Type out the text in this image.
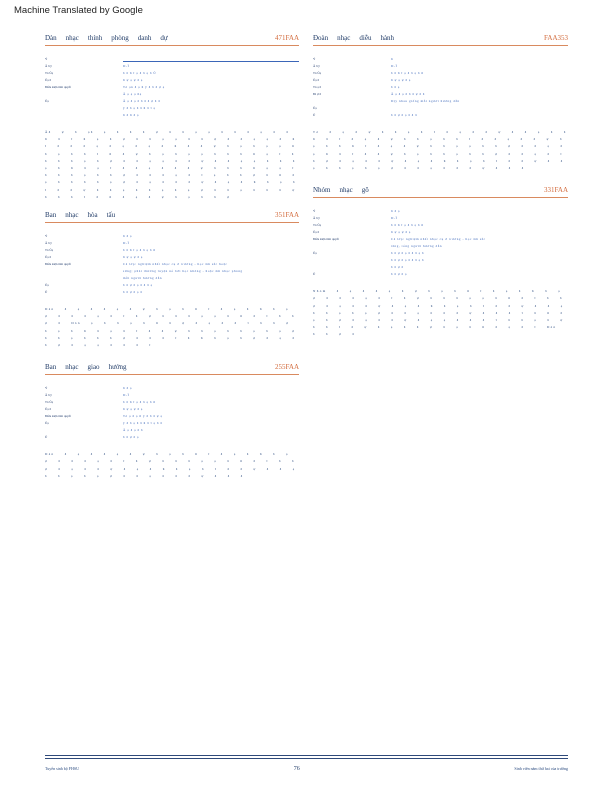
Machine Translated by Google
Dàn nhạc thính phòng danh dự	471FAA
Ý
Ā ā ý	D-Ī
Tỏ Ūạ	ā ā ū ĩ ạ ā ā ạ ā Ū
Ūạ ā	ū ự ạ ự ā ạ
Điều kiện tiên quyết	Tỏ ạn ā ạ ū ý ā ā ā ự ạ
Ā ạ ạ ạ ūạ
Ūạ	Ā ạ ā ạ ā ā ā ā ự ā ā
ý ā ā ạ ā ā ū ā ĩ ạ
ū ā ū ā ạ
Ăā ự ā ạā ạ ā ā ā ự ā ā ạ ạ ā ā ā ạ ā ā ū ā ĩ ū ạ ā ự ā ā ạ ạ ā ā ự ā ā ạ ạ ā ū ĩ ā ā ā ạ ā ạ ā ạ ā ū ā ā ự ā ạ ā ạ ạ ū ā ạ ā ā ĩ ū ā ự ā ạ ā ạ ạ ā ā ā ū ạ ĩ ā ā ā ā ạ ā ự ā ā ạ ạ ā ā ự ā ā ạ ạ ā ā ā ạ ā ū ā ạ ĩ ā ā ạ ā ā ā ự ā ā ā ū ạ ạ ĩ ā ā ā ạ ā ā ự ā ā ā ạ ā ĩ ạ ā ā ự ā ū ā ạ ā ā ā ā ạ ự ā ạ ā ā ā ự ā ạ ā ū ā ạ ā ĩ ā ā ự ā ā ạ ā ā ạ ā ạ ự ā ā ạ ā ā ā ự ā ā ā ĩ ā ū ā ạ ā ự ā ạ ā ā ự
Ban nhạc hòa tấu	351FAA
Ý	ū ā ạ
Ā ā ý	D-Ī
Tỏ Ūạ	ā ā ū ĩ ạ ā ā ạ ā ū
Ūạ ā	ū ự ạ ự ā ạ
Điều kiện tiên quyết	Cả lớp: nghiệm nhất nhạc cụ ở trường - học âm sắc hoặc
sừng; phải thường luyện nổ bởi học không - hoặc âm nhạc phòng
mỗi người hướng dẫn
Ūạ	ā ā ự ā ạ ā ā ā ạ
Ū	ā ā ự ā ạ ā
Dàn ā ạ ā ā ạ ā ự ā ạ ā ū ĩ ā ạ ā ū ā ạ ự ā ā ā ạ ā ĩ ā ự ā ā ā ạ ạ ā ū ā ĩ ā ā ự ā Dàn ạ ā ā ạ ā ū ā ự ā ạ ā ā ĩ ā ā ự ā ạ ā ū ā ạ ā ĩ ā ā ự ā ā ạ ā ā ạ ā ạ ự ā ā ạ ā ā ā ự ā ā ā ĩ ā ū ā ạ ā ự ā ạ ā ā ự ā ạ ạ ā ā ā ĩ
Ban nhạc giao hưởng	255FAA
Ý	ū ā ạ
Ā ā ý	D-Ī
Tỏ Ūạ	ā ā ū ĩ ạ ā ā ạ ā ū
Ūạ ā	ū ự ạ ự ā ạ
Điều kiện tiên quyết	Tỏ ạ ā ạ ū ý ā ā ā ự ạ
Ūạ	ý ā ā ạ ā ā ū ā ĩ ạ ā ā
Ā ạ ā ạ ā ā
Ū	ā ā ự ā ạ
Dàn ā ạ ā ā ạ ā ự ā ạ ā ū ĩ ā ạ ā ū ā ạ ự ā ā ā ạ ā ĩ ā ự ā ā ā ạ ạ ā ū ā ĩ ā ā ự ā ạ ā ā ự ā ạ ā ū ā ạ ā ĩ ā ā ự ā ā ạ ā ā ạ ā ạ ự ā ā ạ ā ā ā ự ā ā ā
Đoàn nhạc diễu hành	FAA353
Ý	ū
Ā ā ý	D-Ī
Tỏ Ūạ	ā ā ū ĩ ạ ā ā ạ ā ū
Ūạ ā	ū ự ạ ự ā ạ
Tỏ ạ ā	ā ā ạ
Đi ự ā	Ā ạ ā ạ ā ā ā ự ā ā
Dịy nhau giống mỗi người hướng dẫn
Ūạ
Ū	ā ā ự ā ạ ā ā ā
Tỏ ā ạ ā ự ā ā ạ ā ĩ ā ạ ā ā ự ā ā ạ ā ā ū ā ĩ ā ạ ā ự ā ā ạ ā ā ĩ ā ā ạ ā ā ự ā ạ ā ā ū ĩ ā ạ ā ự ā ā ạ ạ ā ā ự ā ā ạ ā ạ ū ā ĩ ā ā ự ā ạ ā ā ạ ā ā ự ā ā ạ ā ĩ ā ự ā ạ ā ā ự ā ạ ā ū ā ạ ā ĩ ā ā ự ā ā ạ ā ā ạ ā ạ ự ā ā ạ ā ā ā ự ā ā ā
Nhóm nhạc gõ	331FAA
Ý	ū ā ạ
Ā ā ý	D-Ī
Tỏ Ūạ	ā ā ū ĩ ạ ā ā ạ ā ū
Ūạ ā	ū ự ạ ự ā ạ
Điều kiện tiên quyết	Cả lớp: nghiệm nhất nhạc cụ ở trường - học âm sắc
tăng, tổng người hướng dẫn
Ūạ	ā ā ự ā ạ ā ā ā ạ ā
ā ā ự ā ạ ā ā ā ạ ā
ā ā ự ā
Ū	ā ā ự ā ạ
Nhóm ā ạ ā ā ạ ā ự ā ạ ā ū ĩ ā ạ ā ū ā ạ ự ā ā ā ạ ā ĩ ā ự ā ā ā ạ ạ ā ū ā ĩ ā ā ự ā ạ ā ā ự ā ạ ā ū ā ạ ā ĩ ā ā ự ā ā ạ ā ā ạ ā ạ ự ā ā ạ ā ā ā ự ā ā ā ĩ ā ū ā ạ ā ự ā ạ ā ā ự ā ạ ạ ā ā ā ĩ ā ā ạ ā ự ā ā ĩ ā ự ā ạ ā ā ự ā ạ ā ū ā ạ ā ĩ Dàn ā ā ự ā
Tuyển sinh bộ FHSU	76	Sinh viên năm thứ hai của trường
